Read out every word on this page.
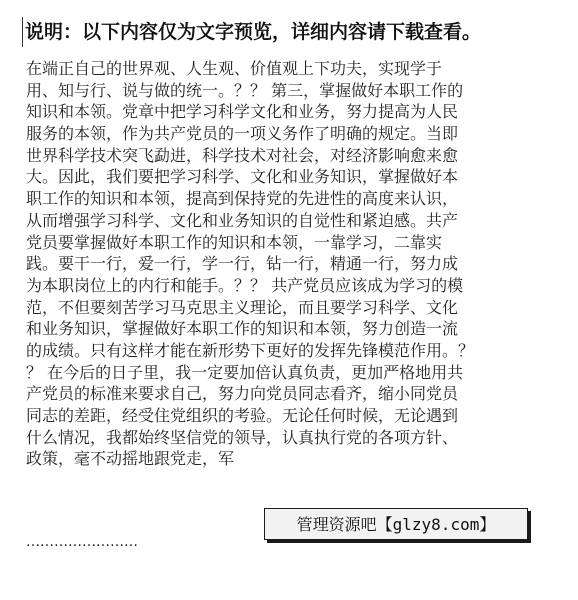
说明：以下内容仅为文字预览，详细内容请下载查看。
在端正自己的世界观、人生观、价值观上下功夫，实现学于
用、知与行、说与做的统一。？？ 第三，掌握做好本职工作的
知识和本领。党章中把学习科学文化和业务，努力提高为人民
服务的本领，作为共产党员的一项义务作了明确的规定。当即
世界科学技术突飞勐进，科学技术对社会，对经济影响愈来愈
大。因此，我们要把学习科学、文化和业务知识，掌握做好本
职工作的知识和本领，提高到保持党的先进性的高度来认识，
从而增强学习科学、文化和业务知识的自觉性和紧迫感。共产
党员要掌握做好本职工作的知识和本领，一靠学习，二靠实
践。要干一行，爱一行，学一行，钻一行，精通一行，努力成
为本职岗位上的内行和能手。？？ 共产党员应该成为学习的模
范，不但要刻苦学习马克思主义理论，而且要学习科学、文化
和业务知识，掌握做好本职工作的知识和本领，努力创造一流
的成绩。只有这样才能在新形势下更好的发挥先锋模范作用。？
？ 在今后的日子里，我一定要加倍认真负责，更加严格地用共
产党员的标准来要求自己，努力向党员同志看齐，缩小同党员
同志的差距，经受住党组织的考验。无论任何时候，无论遇到
什么情况，我都始终坚信党的领导，认真执行党的各项方针、
政策，毫不动摇地跟党走，军
……………………
管理资源吧【glzy8.com】
